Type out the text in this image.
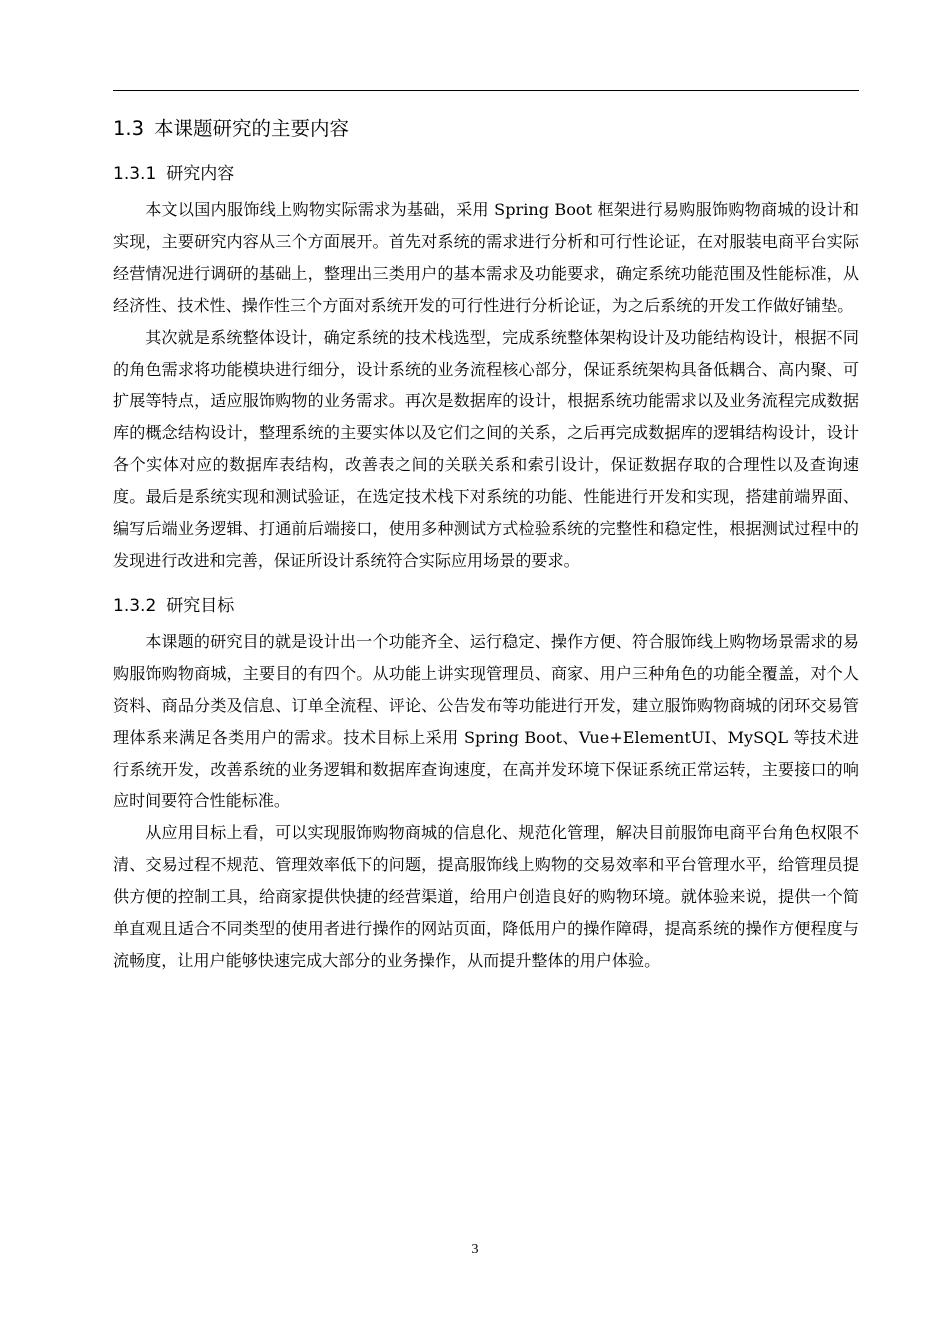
1.3 本课题研究的主要内容
1.3.1 研究内容

本文以国内服饰线上购物实际需求为基础，采用 Spring Boot 框架进行易购服饰购物商城的设计和实现，主要研究内容从三个方面展开。首先对系统的需求进行分析和可行性论证，在对服装电商平台实际经营情况进行调研的基础上，整理出三类用户的基本需求及功能要求，确定系统功能范围及性能标准，从经济性、技术性、操作性三个方面对系统开发的可行性进行分析论证，为之后系统的开发工作做好铺垫。

其次就是系统整体设计，确定系统的技术栈选型，完成系统整体架构设计及功能结构设计，根据不同的角色需求将功能模块进行细分，设计系统的业务流程核心部分，保证系统架构具备低耦合、高内聚、可扩展等特点，适应服饰购物的业务需求。再次是数据库的设计，根据系统功能需求以及业务流程完成数据库的概念结构设计，整理系统的主要实体以及它们之间的关系，之后再完成数据库的逻辑结构设计，设计各个实体对应的数据库表结构，改善表之间的关联关系和索引设计，保证数据存取的合理性以及查询速度。最后是系统实现和测试验证，在选定技术栈下对系统的功能、性能进行开发和实现，搭建前端界面、编写后端业务逻辑、打通前后端接口，使用多种测试方式检验系统的完整性和稳定性，根据测试过程中的发现进行改进和完善，保证所设计系统符合实际应用场景的要求。

1.3.2 研究目标

本课题的研究目的就是设计出一个功能齐全、运行稳定、操作方便、符合服饰线上购物场景需求的易购服饰购物商城，主要目的有四个。从功能上讲实现管理员、商家、用户三种角色的功能全覆盖，对个人资料、商品分类及信息、订单全流程、评论、公告发布等功能进行开发，建立服饰购物商城的闭环交易管理体系来满足各类用户的需求。技术目标上采用 Spring Boot、Vue+ElementUI、MySQL 等技术进行系统开发，改善系统的业务逻辑和数据库查询速度，在高并发环境下保证系统正常运转，主要接口的响应时间要符合性能标准。

从应用目标上看，可以实现服饰购物商城的信息化、规范化管理，解决目前服饰电商平台角色权限不清、交易过程不规范、管理效率低下的问题，提高服饰线上购物的交易效率和平台管理水平，给管理员提供方便的控制工具，给商家提供快捷的经营渠道，给用户创造良好的购物环境。就体验来说，提供一个简单直观且适合不同类型的使用者进行操作的网站页面，降低用户的操作障碍，提高系统的操作方便程度与流畅度，让用户能够快速完成大部分的业务操作，从而提升整体的用户体验。

3
